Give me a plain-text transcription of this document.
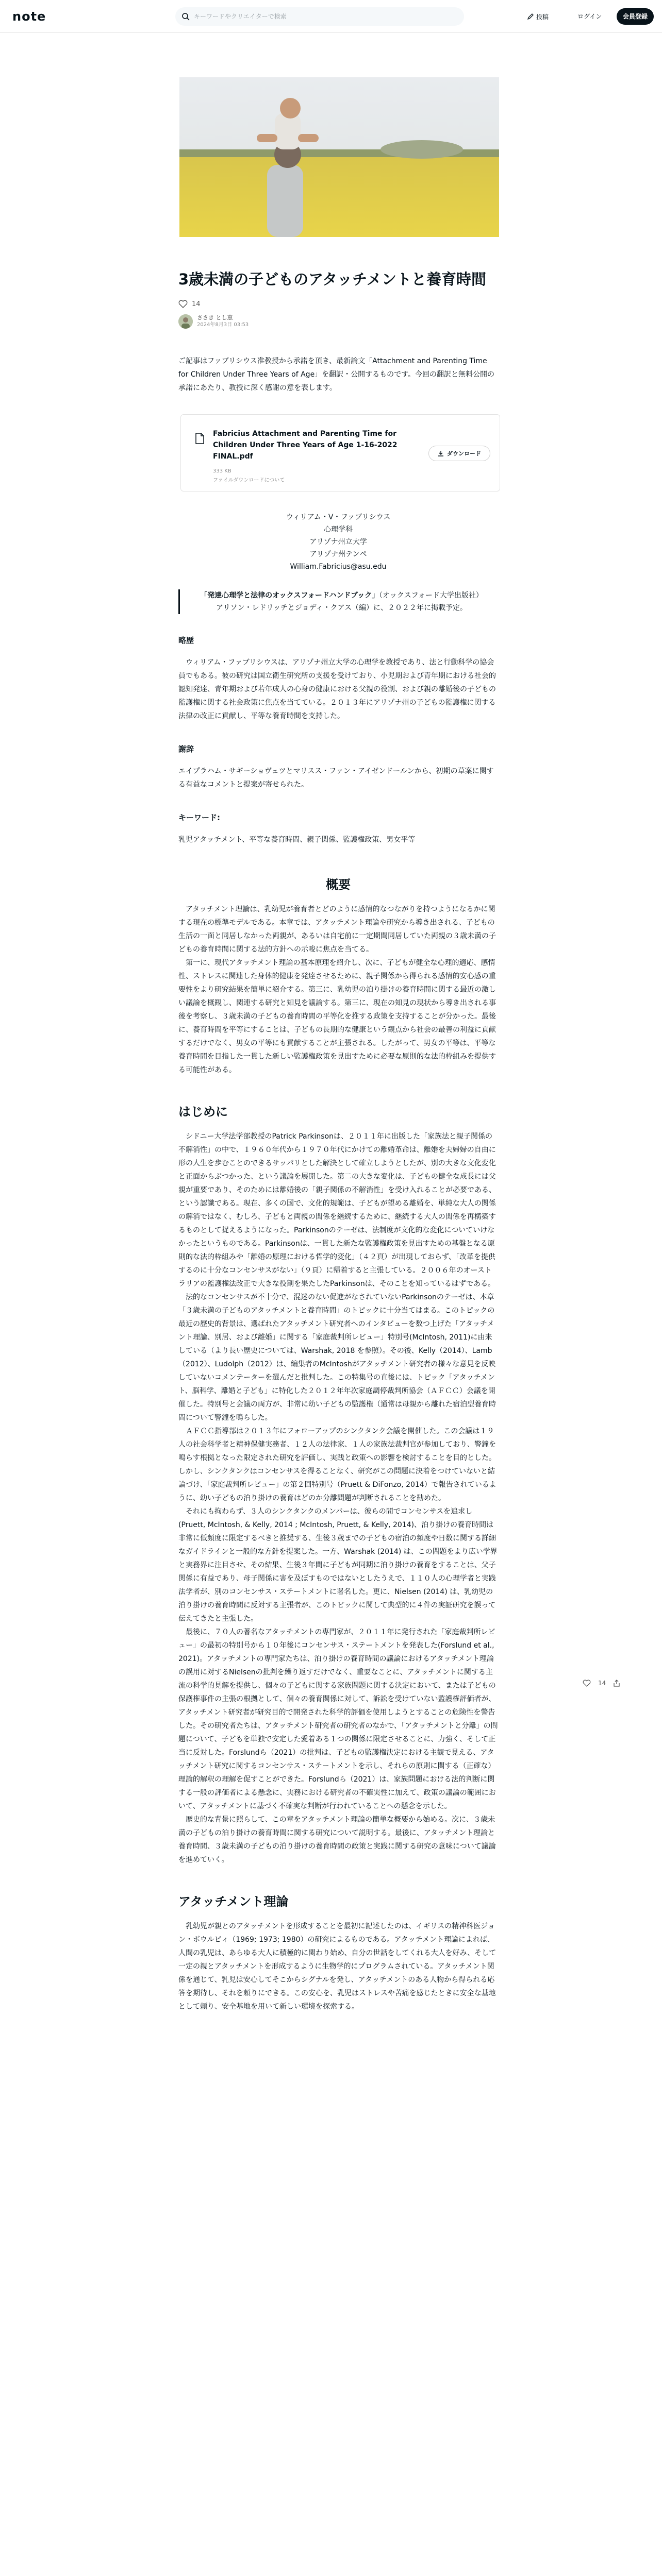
note
キーワードやクリエイターで検索	投稿	ログイン	会員登録
3歳未満の子どものアタッチメントと養育時間
14
ささき とし恵
2024年8月3日 03:53

ご記事はファブリシウス准教授から承諾を頂き、最新論文「Attachment and Parenting Time for Children Under Three Years of Age」を翻訳・公開するものです。今回の翻訳と無料公開の承諾にあたり、教授に深く感謝の意を表します。

Fabricius Attachment and Parenting Time for Children Under Three Years of Age 1-16-2022 FINAL.pdf
333 KB
ファイルダウンロードについて
ダウンロード
ウィリアム・V・ファブリシウス
心理学科
アリゾナ州立大学
アリゾナ州テンペ
William.Fabricius@asu.edu
「発達心理学と法律のオックスフォードハンドブック」（オックスフォード大学出版社）
アリソン・レドリッチとジョディ・クアス（編）に、２０２２年に掲載予定。
略歴

ウィリアム・ファブリシウスは、アリゾナ州立大学の心理学を教授であり、法と行動科学の協会員でもある。彼の研究は国立衛生研究所の支援を受けており、小児期および青年期における社会的認知発達、青年期および若年成人の心身の健康における父親の役割、および親の離婚後の子どもの監護権に関する社会政策に焦点を当てている。２０１３年にアリゾナ州の子どもの監護権に関する法律の改正に貢献し、平等な養育時間を支持した。

謝辞
エイプラハム・サギーショヴェツとマリスス・ファン・アイゼンドールンから、初期の草案に関する有益なコメントと提案が寄せられた。
キーワード:
乳児アタッチメント、平等な養育時間、親子関係、監護権政策、男女平等
概要

アタッチメント理論は、乳幼児が養育者とどのように感情的なつながりを持つようになるかに関する現在の標準モデルである。本章では、アタッチメント理論や研究から導き出される、子どもの生活の一面と同居しなかった両親が、あるいは自宅前に一定期間同居していた両親の３歳未満の子どもの養育時間に関する法的方針への示唆に焦点を当てる。

第一に、現代アタッチメント理論の基本原理を紹介し、次に、子どもが健全な心理的適応、感情性、ストレスに関連した身体的健康を発達させるために、親子関係から得られる感情的安心感の重要性をより研究結果を簡単に紹介する。第三に、乳幼児の泊り掛けの養育時間に関する最近の激しい議論を概観し、関連する研究と知見を議論する。第三に、現在の知見の現状から導き出される事後を考察し、３歳未満の子どもの養育時間の平等化を推する政策を支持することが分かった。最後に、養育時間を平等にすることは、子どもの長期的な健康という観点から社会の最善の利益に貢献するだけでなく、男女の平等にも貢献することが主張される。したがって、男女の平等は、平等な養育時間を目指した一貫した新しい監護権政策を見出すために必要な原則的な法的枠組みを提供する可能性がある。

はじめに

シドニー大学法学部教授のPatrick Parkinsonは、２０１１年に出版した「家族法と親子関係の不解消性」の中で、１９６０年代から１９７０年代にかけての離婚革命は、離婚を夫婦婦の自由に形の人生を歩むことのできるサッパリとした解決として確立しようとしたが、別の大きな文化変化と正面からぶつかった、という議論を展開した。第二の大きな変化は、子どもの健全な成長には父親が重要であり、そのためには離婚後の「親子関係の不解消性」を受け入れることが必要である、という認識である。現在、多くの国で、文化的規範は、子どもが望める離婚を、単純な大人の関係の解消ではなく、むしろ、子どもと両親の関係を継続するために、継続する大人の関係を再構築するものとして捉えるようになった。Parkinsonのテーゼは、法制度が文化的な変化についていけなかったというものである。Parkinsonは、一貫した新たな監護権政策を見出すための基盤となる原則的な法的枠組みや「離婚の原理における哲学的変化」（４２頁）が出現しておらず、「改革を提供するのに十分なコンセンサスがない」（９頁）に帰着すると主張している。２００６年のオーストラリアの監護権法改正で大きな役割を果たしたParkinsonは、そのことを知っているはずである。

法的なコンセンサスが不十分で、混迷のない促進がなされていないParkinsonのテーゼは、本章「３歳未満の子どものアタッチメントと養育時間」のトピックに十分当てはまる。このトピックの最近の歴史的背景は、選ばれたアタッチメント研究者へのインタビューを数つ上げた「アタッチメント理論、別居、および離婚」に関する「家庭裁判所レビュー」特別号(McIntosh, 2011)に由来している（より長い歴史については、Warshak, 2018 を参照）。その後、Kelly（2014）、Lamb（2012）、Ludolph（2012）は、編集者のMcIntoshがアタッチメント研究者の様々な意見を反映していないコメンテーターを選んだと批判した。この特集号の直後には、トピック「アタッチメント、脳科学、離婚と子ども」に特化した２０１２年年次家庭調停裁判所協会（ＡＦＣＣ）会議を開催した。特別号と会議の両方が、非常に幼い子どもの監護権（通常は母親から離れた宿泊型養育時間について警鐘を鳴らした。

ＡＦＣＣ指導部は２０１３年にフォローアップのシンクタンク会議を開催した。この会議は１９人の社会科学者と精神保健実務者、１２人の法律家、１人の家族法裁判官が参加しており、警鐘を鳴らす根拠となった限定された研究を評価し、実践と政策への影響を検討することを目的とした。しかし、シンクタンクはコンセンサスを得ることなく、研究がこの問題に決着をつけていないと結論づけ、「家庭裁判所レビュー」の第２回特別号（Pruett & DiFonzo, 2014）で報告されているように、幼い子どもの泊り掛けの養育はどのか分離問題が判断されることを勧めた。

それにも拘わらず、３人のシンクタンクのメンバーは、彼らの間でコンセンサスを追求し(Pruett, McIntosh, & Kelly, 2014 ; McIntosh, Pruett, & Kelly, 2014)、泊り掛けの養育時間は非常に低頻度に限定するべきと推奨する、生後３歳までの子どもの宿泊の頻度や日数に関する詳細なガイドラインと一般的な方針を提案した。一方、Warshak (2014) は、この問題をより広い学界と実務界に注目させ、その結果、生後３年間に子どもが同期に泊り掛けの養育をすることは、父子関係に有益であり、母子関係に害を及ぼすものではないとしたうえで、１１０人の心理学者と実践法学者が、別のコンセンサス・ステートメントに署名した。更に、Nielsen (2014) は、乳幼児の泊り掛けの養育時間に反対する主張者が、このトピックに関して典型的に４件の実証研究を誤って伝えてきたと主張した。

最後に、７０人の著名なアタッチメントの専門家が、２０１１年に発行された「家庭裁判所レビュー」の最初の特別号から１０年後にコンセンサス・ステートメントを発表した(Forslund et al., 2021)。アタッチメントの専門家たちは、泊り掛けの養育時間の議論におけるアタッチメント理論の誤用に対するNielsenの批判を繰り返すだけでなく、重要なことに、アタッチメントに関する主流の科学的見解を提供し、個々の子どもに関する家族問題に関する決定において、または子どもの保護権事件の主張の根拠として、個々の養育関係に対して、訴訟を受けていない監護権評価者が、アタッチメント研究者が研究目的で開発された科学的評価を使用しようとすることの危険性を警告した。その研究者たちは、アタッチメント研究者の研究者のなかで、「アタッチメントと分離」の問題について、子どもを単独で安定した愛着ある１つの関係に限定させることに、力強く、そして正当に反対した。Forslundら（2021）の批判は、子どもの監護権決定における主観で見える、アタッチメント研究に関するコンセンサス・ステートメントを示し、それらの原則に関する（正確な）理論的解釈の理解を促すことができた。Forslundら（2021）は、家族問題における法的判断に関する一般の評価者による懸念に、実務における研究者の不確実性に加えて、政策の議論の範囲において、アタッチメントに基づく不確実な判断が行われていることへの懸念を示した。

歴史的な背景に照らして、この章をアタッチメント理論の簡単な概要から始める。次に、３歳未満の子どもの泊り掛けの養育時間に関する研究について説明する。最後に、アタッチメント理論と養育時間、３歳未満の子どもの泊り掛けの養育時間の政策と実践に関する研究の意味について議論を進めていく。

アタッチメント理論

乳幼児が親とのアタッチメントを形成することを最初に記述したのは、イギリスの精神科医ジョン・ボウルビィ（1969; 1973; 1980）の研究によるものである。アタッチメント理論によれば、人間の乳児は、あらゆる大人に積極的に関わり始め、自分の世話をしてくれる大人を好み、そして一定の親とアタッチメントを形成するように生物学的にプログラムされている。アタッチメント関係を通じて、乳児は安心してそこからシグナルを発し、アタッチメントのある人物から得られる応答を期待し、それを頼りにできる。この安心を、乳児はストレスや苦痛を感じたときに安全な基地として頼り、安全基地を用いて新しい環境を探索する。

14
